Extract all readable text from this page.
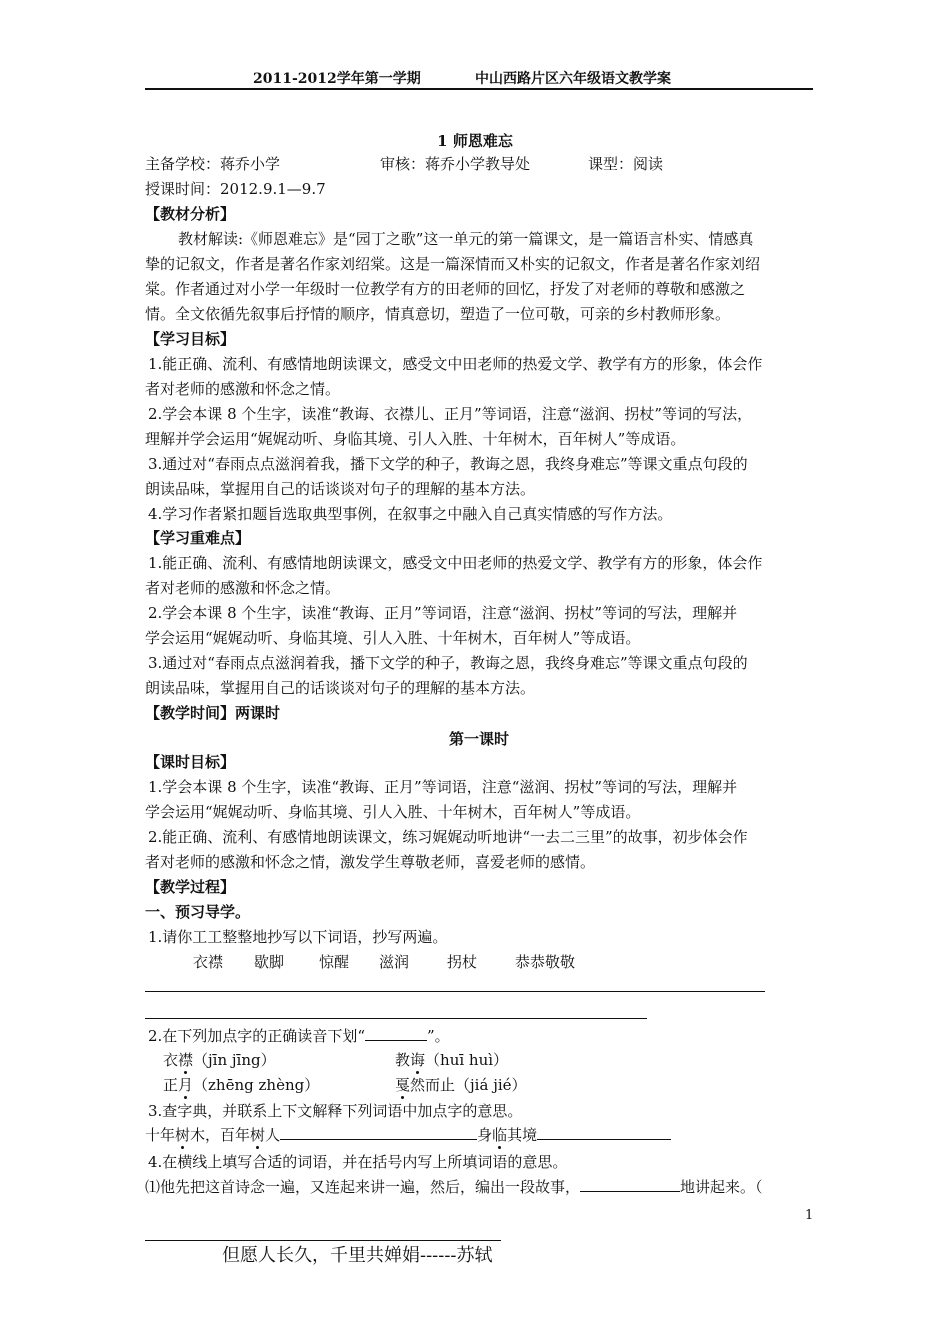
2011-2012学年第一学期	中山西路片区六年级语文教学案
1 师恩难忘
主备学校：蒋乔小学	审核：蒋乔小学教导处	课型：阅读
授课时间：2012.9.1—9.7
【教材分析】
教材解读:《师恩难忘》是“园丁之歌”这一单元的第一篇课文，是一篇语言朴实、情感真
挚的记叙文，作者是著名作家刘绍棠。这是一篇深情而又朴实的记叙文，作者是著名作家刘绍
棠。作者通过对小学一年级时一位教学有方的田老师的回忆，抒发了对老师的尊敬和感激之
情。全文依循先叙事后抒情的顺序，情真意切，塑造了一位可敬，可亲的乡村教师形象。
【学习目标】
1.能正确、流利、有感情地朗读课文，感受文中田老师的热爱文学、教学有方的形象，体会作
者对老师的感激和怀念之情。
2.学会本课 8 个生字，读准“教诲、衣襟儿、正月”等词语，注意“滋润、拐杖”等词的写法，
理解并学会运用“娓娓动听、身临其境、引人入胜、十年树木，百年树人”等成语。
3.通过对“春雨点点滋润着我，播下文学的种子，教诲之恩，我终身难忘”等课文重点句段的
朗读品味，掌握用自己的话谈谈对句子的理解的基本方法。
4.学习作者紧扣题旨选取典型事例，在叙事之中融入自己真实情感的写作方法。
【学习重难点】
1.能正确、流利、有感情地朗读课文，感受文中田老师的热爱文学、教学有方的形象，体会作
者对老师的感激和怀念之情。
2.学会本课 8 个生字，读准“教诲、正月”等词语，注意“滋润、拐杖”等词的写法，理解并
学会运用“娓娓动听、身临其境、引人入胜、十年树木，百年树人”等成语。
3.通过对“春雨点点滋润着我，播下文学的种子，教诲之恩，我终身难忘”等课文重点句段的
朗读品味，掌握用自己的话谈谈对句子的理解的基本方法。
【教学时间】两课时
第一课时
【课时目标】
1.学会本课 8 个生字，读准“教诲、正月”等词语，注意“滋润、拐杖”等词的写法，理解并
学会运用“娓娓动听、身临其境、引人入胜、十年树木，百年树人”等成语。
2.能正确、流利、有感情地朗读课文，练习娓娓动听地讲“一去二三里”的故事，初步体会作
者对老师的感激和怀念之情，激发学生尊敬老师，喜爱老师的感情。
【教学过程】
一、预习导学。
1.请你工工整整地抄写以下词语，抄写两遍。
衣襟 歇脚 惊醒 滋润	拐杖	恭恭敬敬
2.在下列加点字的正确读音下划“	”。
衣襟（jīn jīng）	教诲（huī huì）
正月（zhēng zhèng）	戛然而止（jiá jié）
3.查字典，并联系上下文解释下列词语中加点字的意思。
十年树木，百年树人	身临其境
4.在横线上填写合适的词语，并在括号内写上所填词语的意思。
⑴他先把这首诗念一遍，又连起来讲一遍，然后，编出一段故事，	地讲起来。（
1
但愿人长久，千里共婵娟------苏轼
